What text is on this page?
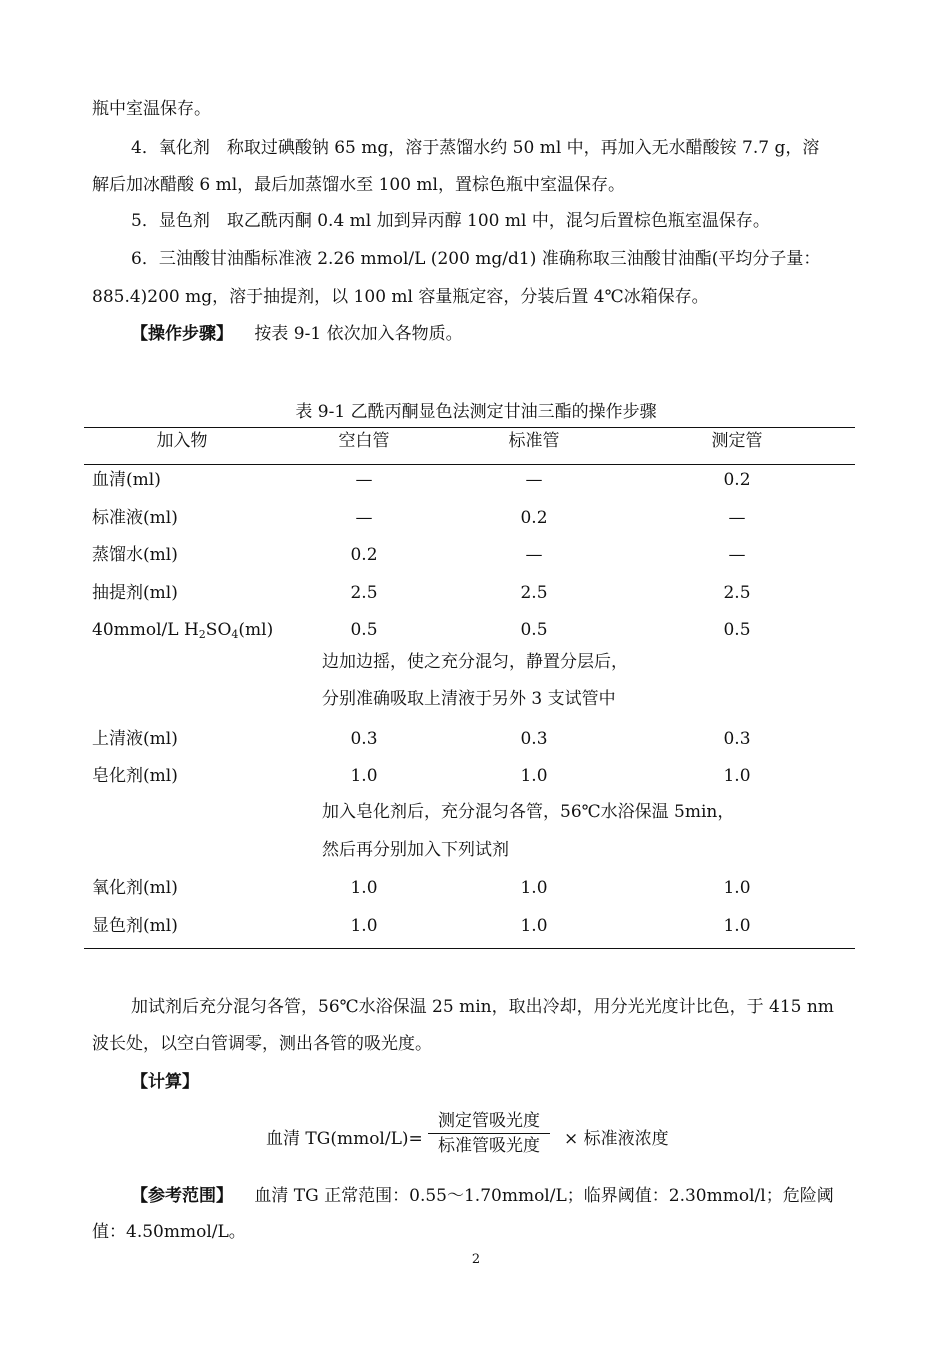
瓶中室温保存。
4．氧化剂　称取过碘酸钠 65 mg，溶于蒸馏水约 50 ml 中，再加入无水醋酸铵 7.7 g，溶
解后加冰醋酸 6 ml，最后加蒸馏水至 100 ml，置棕色瓶中室温保存。
5．显色剂　取乙酰丙酮 0.4 ml 加到异丙醇 100 ml 中，混匀后置棕色瓶室温保存。
6．三油酸甘油酯标准液 2.26 mmol/L (200 mg/d1) 准确称取三油酸甘油酯(平均分子量：
885.4)200 mg，溶于抽提剂，以 100 ml 容量瓶定容，分装后置 4℃冰箱保存。
【操作步骤】 按表 9-1 依次加入各物质。
表 9-1 乙酰丙酮显色法测定甘油三酯的操作步骤
加入物	空白管	标准管	测定管
血清(ml)	—	—	0.2
标准液(ml)	—	0.2	—
蒸馏水(ml)	0.2	—	—
抽提剂(ml)	2.5	2.5	2.5
40mmol/L $H_2SO_4(ml)$	0.5	0.5	0.5
边加边摇，使之充分混匀，静置分层后，
分别准确吸取上清液于另外 3 支试管中
上清液(ml)	0.3	0.3	0.3
皂化剂(ml)	1.0	1.0	1.0
加入皂化剂后，充分混匀各管，56℃水浴保温 5min，
然后再分别加入下列试剂
氧化剂(ml)	1.0	1.0	1.0
显色剂(ml)	1.0	1.0	1.0
加试剂后充分混匀各管，56℃水浴保温 25 min，取出冷却，用分光光度计比色，于 415 nm
波长处，以空白管调零，测出各管的吸光度。
【计算】
血清 TG(mmol/L)=
测定管吸光度
标准管吸光度	× 标准液浓度
【参考范围】 血清 TG 正常范围：0.55～1.70mmol/L；临界阈值：2.30mmol/l；危险阈
值：4.50mmol/L。
2
